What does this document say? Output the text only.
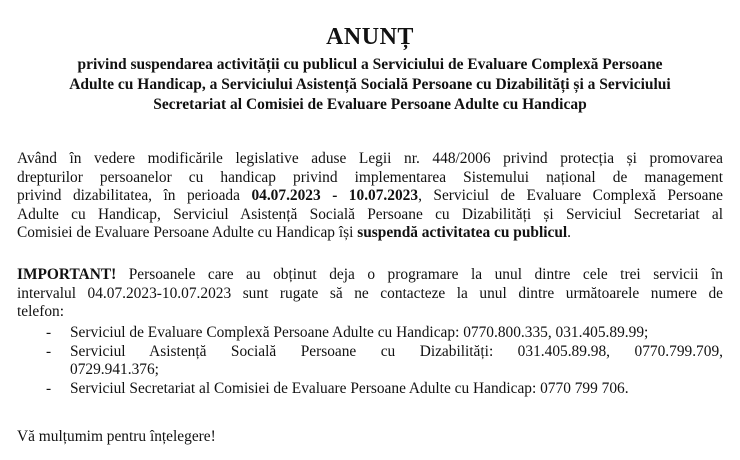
ANUNȚ
privind suspendarea activității cu publicul a Serviciului de Evaluare Complexă Persoane
Adulte cu Handicap, a Serviciului Asistență Socială Persoane cu Dizabilități și a Serviciului
Secretariat al Comisiei de Evaluare Persoane Adulte cu Handicap
Având în vedere modificările legislative aduse Legii nr. 448/2006 privind protecția și promovarea
drepturilor persoanelor cu handicap privind implementarea Sistemului național de management
privind dizabilitatea, în perioada 04.07.2023 - 10.07.2023, Serviciul de Evaluare Complexă Persoane
Adulte cu Handicap, Serviciul Asistență Socială Persoane cu Dizabilități și Serviciul Secretariat al
Comisiei de Evaluare Persoane Adulte cu Handicap își suspendă activitatea cu publicul.
IMPORTANT! Persoanele care au obținut deja o programare la unul dintre cele trei servicii în
intervalul 04.07.2023-10.07.2023 sunt rugate să ne contacteze la unul dintre următoarele numere de
telefon:
- Serviciul de Evaluare Complexă Persoane Adulte cu Handicap: 0770.800.335, 031.405.89.99;
- Serviciul Asistență Socială Persoane cu Dizabilități: 031.405.89.98, 0770.799.709,
0729.941.376;
- Serviciul Secretariat al Comisiei de Evaluare Persoane Adulte cu Handicap: 0770 799 706.
Vă mulțumim pentru înțelegere!
